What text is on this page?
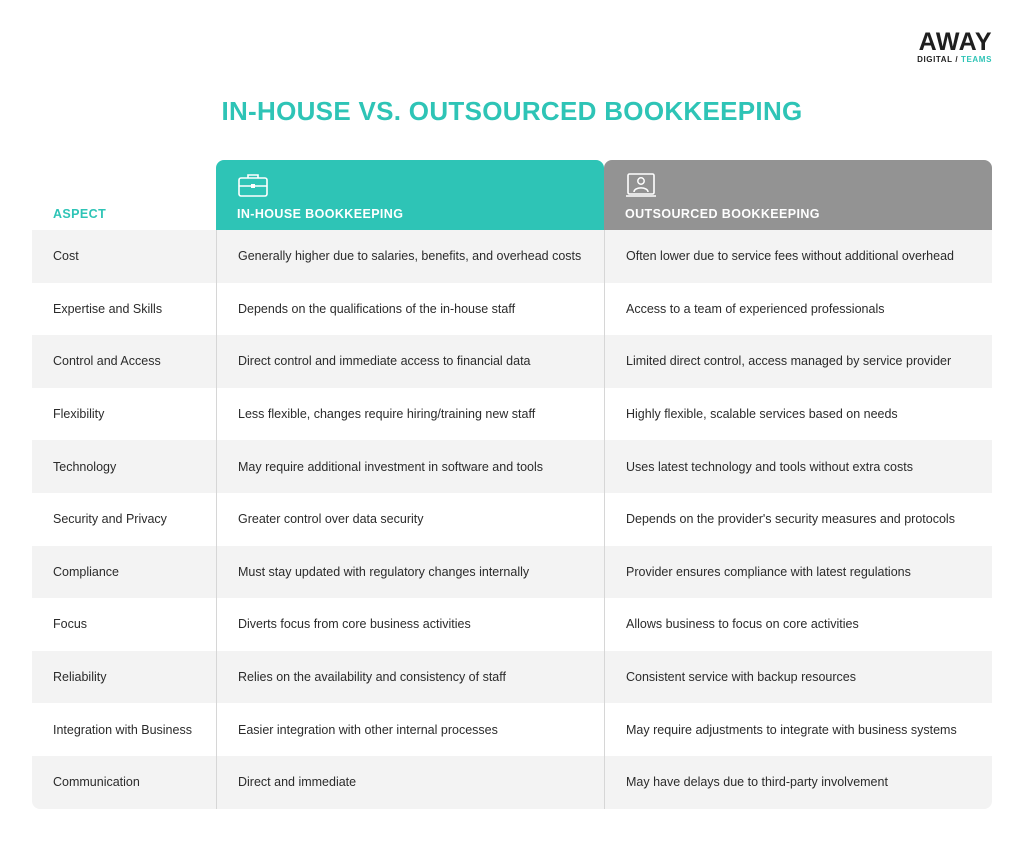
AWAY
DIGITAL / TEAMS
IN-HOUSE VS. OUTSOURCED BOOKKEEPING
ASPECT	IN-HOUSE BOOKKEEPING	OUTSOURCED BOOKKEEPING
Cost	Generally higher due to salaries, benefits, and overhead costs	Often lower due to service fees without additional overhead
Expertise and Skills	Depends on the qualifications of the in-house staff	Access to a team of experienced professionals
Control and Access	Direct control and immediate access to financial data	Limited direct control, access managed by service provider
Flexibility	Less flexible, changes require hiring/training new staff	Highly flexible, scalable services based on needs
Technology	May require additional investment in software and tools	Uses latest technology and tools without extra costs
Security and Privacy	Greater control over data security	Depends on the provider's security measures and protocols
Compliance	Must stay updated with regulatory changes internally	Provider ensures compliance with latest regulations
Focus	Diverts focus from core business activities	Allows business to focus on core activities
Reliability	Relies on the availability and consistency of staff	Consistent service with backup resources
Integration with Business	Easier integration with other internal processes	May require adjustments to integrate with business systems
Communication	Direct and immediate	May have delays due to third-party involvement
